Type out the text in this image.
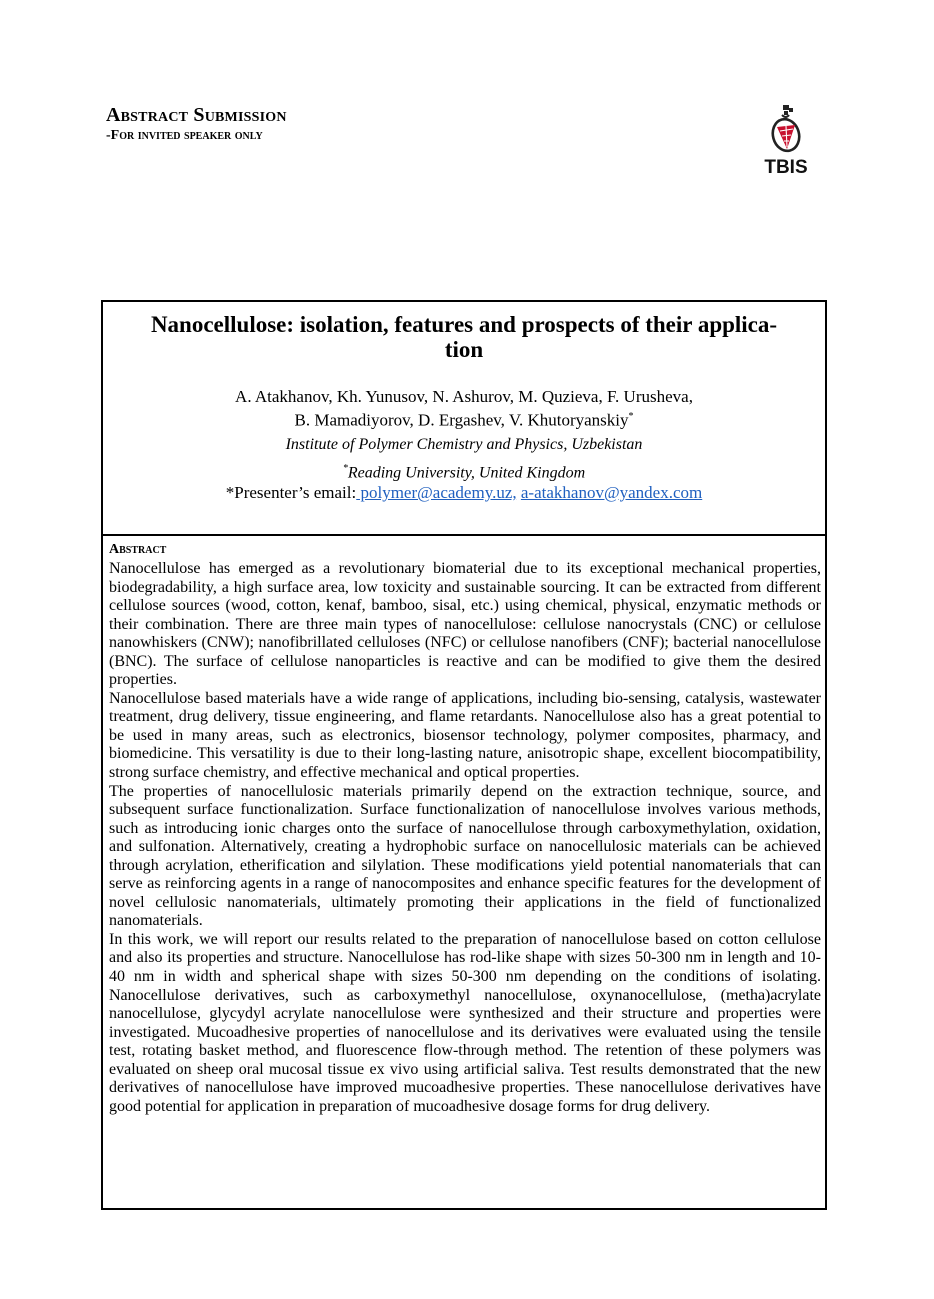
Abstract Submission
-For invited speaker only
TBIS
Nanocellulose: isolation, features and prospects of their applica-
tion
A. Atakhanov, Kh. Yunusov, N. Ashurov, M. Quzieva, F. Urusheva,
B. Mamadiyorov, D. Ergashev, V. Khutoryanskiy*
Institute of Polymer Chemistry and Physics, Uzbekistan
*Reading University, United Kingdom
*Presenter’s email: polymer@academy.uz, a-atakhanov@yandex.com
Abstract

Nanocellulose has emerged as a revolutionary biomaterial due to its exceptional mechanical properties, biodegradability, a high surface area, low toxicity and sustainable sourcing. It can be extracted from different cellulose sources (wood, cotton, kenaf, bamboo, sisal, etc.) using chemical, physical, enzymatic methods or their combination. There are three main types of nanocellulose: cellulose nanocrystals (CNC) or cellulose nanowhiskers (CNW); nanofibrillated celluloses (NFC) or cellulose nanofibers (CNF); bacterial nanocellulose (BNC). The surface of cellulose nanoparticles is reactive and can be modified to give them the desired properties.

Nanocellulose based materials have a wide range of applications, including bio-sensing, catalysis, wastewater treatment, drug delivery, tissue engineering, and flame retardants. Nanocellulose also has a great potential to be used in many areas, such as electronics, biosensor technology, polymer composites, pharmacy, and biomedicine. This versatility is due to their long-lasting nature, anisotropic shape, excellent biocompatibility, strong surface chemistry, and effective mechanical and optical properties.

The properties of nanocellulosic materials primarily depend on the extraction technique, source, and subsequent surface functionalization. Surface functionalization of nanocellulose involves various methods, such as introducing ionic charges onto the surface of nanocellulose through carboxymethylation, oxidation, and sulfonation. Alternatively, creating a hydrophobic surface on nanocellulosic materials can be achieved through acrylation, etherification and silylation. These modifications yield potential nanomaterials that can serve as reinforcing agents in a range of nanocomposites and enhance specific features for the development of novel cellulosic nanomaterials, ultimately promoting their applications in the field of functionalized nanomaterials.

In this work, we will report our results related to the preparation of nanocellulose based on cotton cellulose and also its properties and structure. Nanocellulose has rod-like shape with sizes 50-300 nm in length and 10-40 nm in width and spherical shape with sizes 50-300 nm depending on the conditions of isolating. Nanocellulose derivatives, such as carboxymethyl nanocellulose, oxynanocellulose, (metha)acrylate nanocellulose, glycydyl acrylate nanocellulose were synthesized and their structure and properties were investigated. Mucoadhesive properties of nanocellulose and its derivatives were evaluated using the tensile test, rotating basket method, and fluorescence flow-through method. The retention of these polymers was evaluated on sheep oral mucosal tissue ex vivo using artificial saliva. Test results demonstrated that the new derivatives of nanocellulose have improved mucoadhesive properties. These nanocellulose derivatives have good potential for application in preparation of mucoadhesive dosage forms for drug delivery.
